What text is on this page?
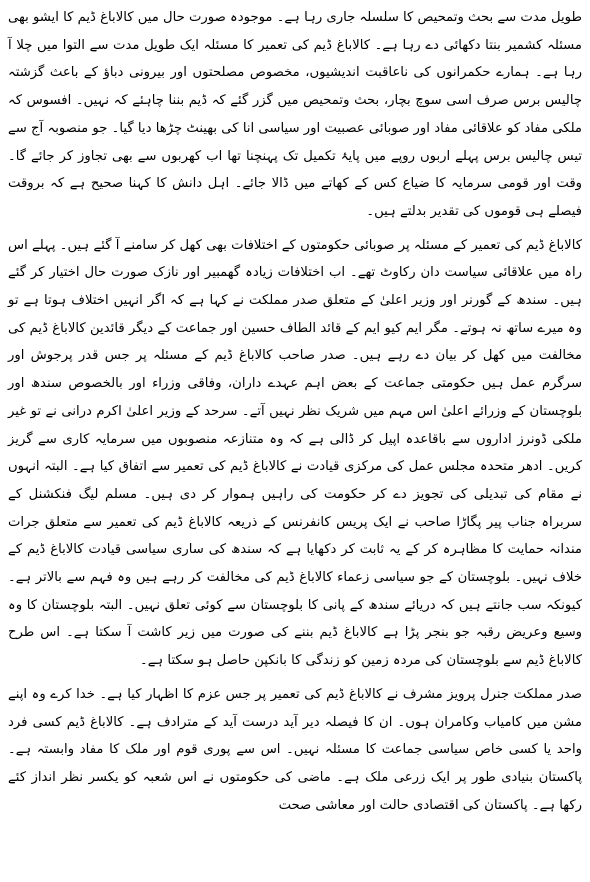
طویل مدت سے بحث وتمحیص کا سلسلہ جاری رہا ہے۔ موجودہ صورت حال میں کالاباغ ڈیم کا ایشو بھی مسئلہ کشمیر بنتا دکھائی دے رہا ہے۔ کالاباغ ڈیم کی تعمیر کا مسئلہ ایک طویل مدت سے التوا میں چلا آ رہا ہے۔ ہمارے حکمرانوں کی ناعاقبت اندیشیوں، مخصوص مصلحتوں اور بیرونی دباؤ کے باعث گزشتہ چالیس برس صرف اسی سوچ بچار، بحث وتمحیص میں گزر گئے کہ ڈیم بننا چاہئے کہ نہیں۔ افسوس کہ ملکی مفاد کو علاقائی مفاد اور صوبائی عصبیت اور سیاسی انا کی بھینٹ چڑھا دیا گیا۔ جو منصوبہ آج سے تیس چالیس برس پہلے اربوں روپے میں پایۂ تکمیل تک پہنچنا تھا اب کھربوں سے بھی تجاوز کر جائے گا۔ وقت اور قومی سرمایہ کا ضیاع کس کے کھاتے میں ڈالا جائے۔ اہل دانش کا کہنا صحیح ہے کہ بروقت فیصلے ہی قوموں کی تقدیر بدلتے ہیں۔

کالاباغ ڈیم کی تعمیر کے مسئلہ پر صوبائی حکومتوں کے اختلافات بھی کھل کر سامنے آ گئے ہیں۔ پہلے اس راہ میں علاقائی سیاست دان رکاوٹ تھے۔ اب اختلافات زیادہ گھمبیر اور نازک صورت حال اختیار کر گئے ہیں۔ سندھ کے گورنر اور وزیر اعلیٰ کے متعلق صدر مملکت نے کہا ہے کہ اگر انہیں اختلاف ہوتا ہے تو وہ میرے ساتھ نہ ہوتے۔ مگر ایم کیو ایم کے قائد الطاف حسین اور جماعت کے دیگر قائدین کالاباغ ڈیم کی مخالفت میں کھل کر بیان دے رہے ہیں۔ صدر صاحب کالاباغ ڈیم کے مسئلہ پر جس قدر پرجوش اور سرگرم عمل ہیں حکومتی جماعت کے بعض اہم عہدے داران، وفاقی وزراء اور بالخصوص سندھ اور بلوچستان کے وزرائے اعلیٰ اس مہم میں شریک نظر نہیں آتے۔ سرحد کے وزیر اعلیٰ اکرم درانی نے تو غیر ملکی ڈونرز اداروں سے باقاعدہ اپیل کر ڈالی ہے کہ وہ متنازعہ منصوبوں میں سرمایہ کاری سے گریز کریں۔ ادھر متحدہ مجلس عمل کی مرکزی قیادت نے کالاباغ ڈیم کی تعمیر سے اتفاق کیا ہے۔ البتہ انہوں نے مقام کی تبدیلی کی تجویز دے کر حکومت کی راہیں ہموار کر دی ہیں۔ مسلم لیگ فنکشنل کے سربراہ جناب پیر پگاڑا صاحب نے ایک پریس کانفرنس کے ذریعہ کالاباغ ڈیم کی تعمیر سے متعلق جرات مندانہ حمایت کا مظاہرہ کر کے یہ ثابت کر دکھایا ہے کہ سندھ کی ساری سیاسی قیادت کالاباغ ڈیم کے خلاف نہیں۔ بلوچستان کے جو سیاسی زعماء کالاباغ ڈیم کی مخالفت کر رہے ہیں وہ فہم سے بالاتر ہے۔ کیونکہ سب جانتے ہیں کہ دریائے سندھ کے پانی کا بلوچستان سے کوئی تعلق نہیں۔ البتہ بلوچستان کا وہ وسیع وعریض رقبہ جو بنجر پڑا ہے کالاباغ ڈیم بننے کی صورت میں زیر کاشت آ سکتا ہے۔ اس طرح کالاباغ ڈیم سے بلوچستان کی مردہ زمین کو زندگی کا بانکپن حاصل ہو سکتا ہے۔

صدر مملکت جنرل پرویز مشرف نے کالاباغ ڈیم کی تعمیر پر جس عزم کا اظہار کیا ہے۔ خدا کرے وہ اپنے مشن میں کامیاب وکامران ہوں۔ ان کا فیصلہ دیر آید درست آید کے مترادف ہے۔ کالاباغ ڈیم کسی فرد واحد یا کسی خاص سیاسی جماعت کا مسئلہ نہیں۔ اس سے پوری قوم اور ملک کا مفاد وابستہ ہے۔ پاکستان بنیادی طور پر ایک زرعی ملک ہے۔ ماضی کی حکومتوں نے اس شعبہ کو یکسر نظر انداز کئے رکھا ہے۔ پاکستان کی اقتصادی حالت اور معاشی صحت
